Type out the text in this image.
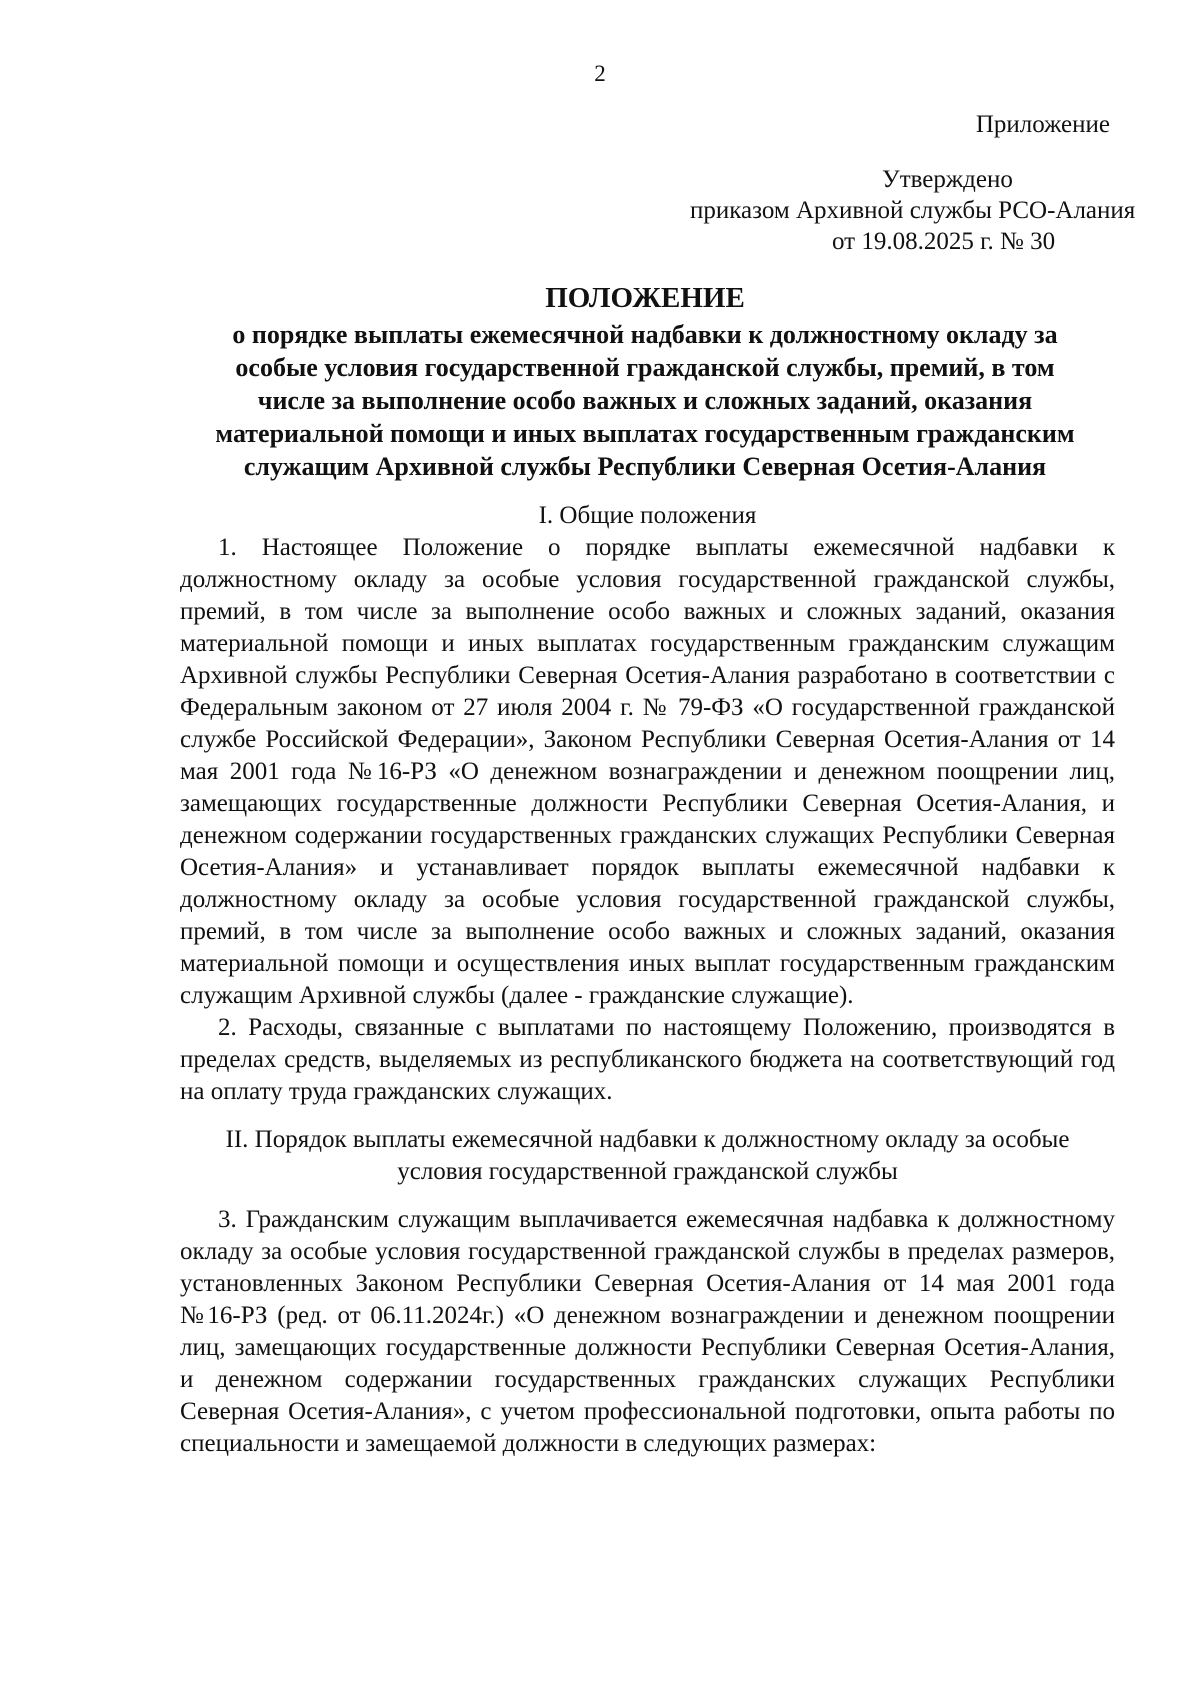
2
Приложение
Утверждено
приказом Архивной службы РСО-Алания
от 19.08.2025 г. № 30
ПОЛОЖЕНИЕ
о порядке выплаты ежемесячной надбавки к должностному окладу за
особые условия государственной гражданской службы, премий, в том
числе за выполнение особо важных и сложных заданий, оказания
материальной помощи и иных выплатах государственным гражданским
служащим Архивной службы Республики Северная Осетия-Алания
I. Общие положения

1. Настоящее Положение о порядке выплаты ежемесячной надбавки к должностному окладу за особые условия государственной гражданской службы, премий, в том числе за выполнение особо важных и сложных заданий, оказания материальной помощи и иных выплатах государственным гражданским служащим Архивной службы Республики Северная Осетия-Алания разработано в соответствии с Федеральным законом от 27 июля 2004 г. № 79-ФЗ «О государственной гражданской службе Российской Федерации», Законом Республики Северная Осетия-Алания от 14 мая 2001 года №16-РЗ «О денежном вознаграждении и денежном поощрении лиц, замещающих государственные должности Республики Северная Осетия-Алания, и денежном содержании государственных гражданских служащих Республики Северная Осетия-Алания» и устанавливает порядок выплаты ежемесячной надбавки к должностному окладу за особые условия государственной гражданской службы, премий, в том числе за выполнение особо важных и сложных заданий, оказания материальной помощи и осуществления иных выплат государственным гражданским служащим Архивной службы (далее - гражданские служащие).

2. Расходы, связанные с выплатами по настоящему Положению, производятся в пределах средств, выделяемых из республиканского бюджета на соответствующий год на оплату труда гражданских служащих.

II. Порядок выплаты ежемесячной надбавки к должностному окладу за особые
условия государственной гражданской службы

3. Гражданским служащим выплачивается ежемесячная надбавка к должностному окладу за особые условия государственной гражданской службы в пределах размеров, установленных Законом Республики Северная Осетия-Алания от 14 мая 2001 года №16-РЗ (ред. от 06.11.2024г.) «О денежном вознаграждении и денежном поощрении лиц, замещающих государственные должности Республики Северная Осетия-Алания, и денежном содержании государственных гражданских служащих Республики Северная Осетия-Алания», с учетом профессиональной подготовки, опыта работы по специальности и замещаемой должности в следующих размерах:
